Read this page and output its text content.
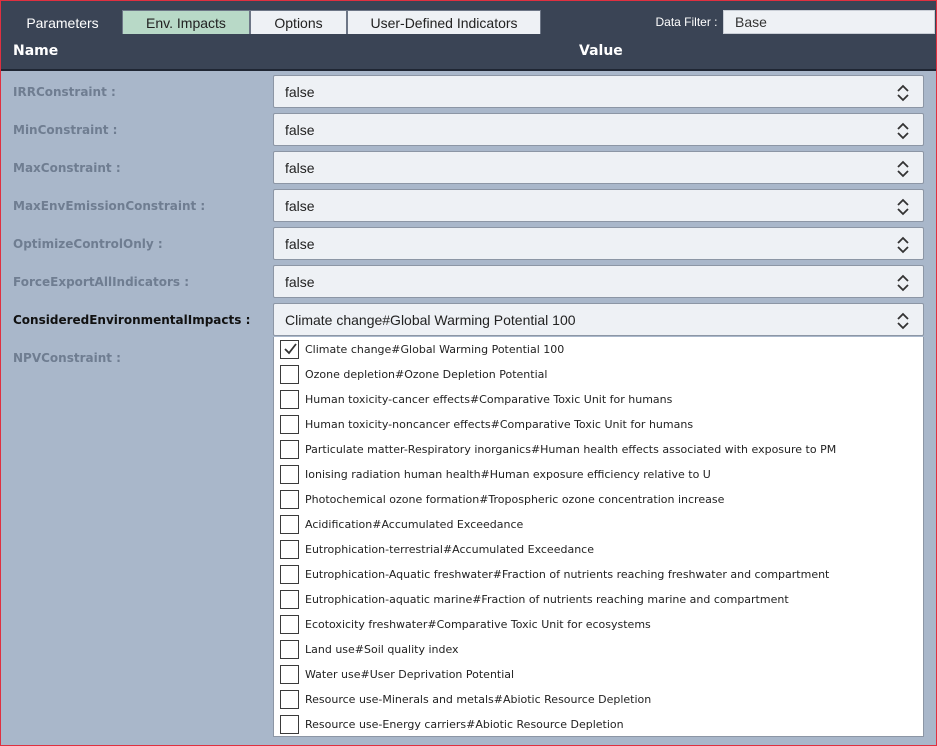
Parameters	Env. Impacts	Options	User-Defined Indicators	Data Filter :	Base
Name	Value
IRRConstraint :	false
MinConstraint :	false
MaxConstraint :	false
MaxEnvEmissionConstraint :	false
OptimizeControlOnly :	false
ForceExportAllIndicators :	false
ConsideredEnvironmentalImpacts : Climate change#Global Warming Potential 100
NPVConstraint :
Climate change#Global Warming Potential 100
Ozone depletion#Ozone Depletion Potential
Human toxicity-cancer effects#Comparative Toxic Unit for humans
Human toxicity-noncancer effects#Comparative Toxic Unit for humans
Particulate matter-Respiratory inorganics#Human health effects associated with exposure to PM
Ionising radiation human health#Human exposure efficiency relative to U
Photochemical ozone formation#Tropospheric ozone concentration increase
Acidification#Accumulated Exceedance
Eutrophication-terrestrial#Accumulated Exceedance
Eutrophication-Aquatic freshwater#Fraction of nutrients reaching freshwater and compartment
Eutrophication-aquatic marine#Fraction of nutrients reaching marine and compartment
Ecotoxicity freshwater#Comparative Toxic Unit for ecosystems
Land use#Soil quality index
Water use#User Deprivation Potential
Resource use-Minerals and metals#Abiotic Resource Depletion
Resource use-Energy carriers#Abiotic Resource Depletion
